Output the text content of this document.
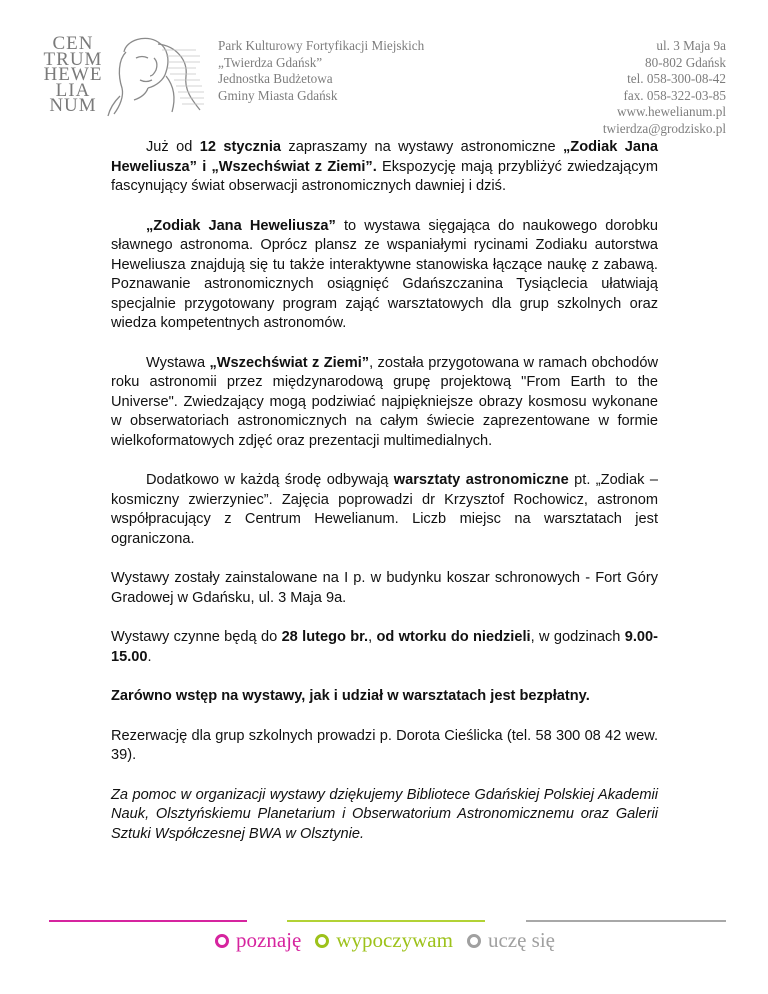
CEN
TRUM
HEWE
LIA
NUM
Park Kulturowy Fortyfikacji Miejskich
„Twierdza Gdańsk”
Jednostka Budżetowa
Gminy Miasta Gdańsk
ul. 3 Maja 9a
80-802 Gdańsk
tel. 058-300-08-42
fax. 058-322-03-85
www.hewelianum.pl
twierdza@grodzisko.pl

Już od 12 stycznia zapraszamy na wystawy astronomiczne „Zodiak Jana Heweliusza” i „Wszechświat z Ziemi”. Ekspozycję mają przybliżyć zwiedzającym fascynujący świat obserwacji astronomicznych dawniej i dziś.

„Zodiak Jana Heweliusza” to wystawa sięgająca do naukowego dorobku sławnego astronoma. Oprócz plansz ze wspaniałymi rycinami Zodiaku autorstwa Heweliusza znajdują się tu także interaktywne stanowiska łączące naukę z zabawą. Poznawanie astronomicznych osiągnięć Gdańszczanina Tysiąclecia ułatwiają specjalnie przygotowany program zająć warsztatowych dla grup szkolnych oraz wiedza kompetentnych astronomów.

Wystawa „Wszechświat z Ziemi”, została przygotowana w ramach obchodów roku astronomii przez międzynarodową grupę projektową "From Earth to the Universe". Zwiedzający mogą podziwiać najpiękniejsze obrazy kosmosu wykonane w obserwatoriach astronomicznych na całym świecie zaprezentowane w formie wielkoformatowych zdjęć oraz prezentacji multimedialnych.

Dodatkowo w każdą środę odbywają warsztaty astronomiczne pt. „Zodiak – kosmiczny zwierzyniec”. Zajęcia poprowadzi dr Krzysztof Rochowicz, astronom współpracujący z Centrum Hewelianum. Liczb miejsc na warsztatach jest ograniczona.

Wystawy zostały zainstalowane na I p. w budynku koszar schronowych - Fort Góry Gradowej w Gdańsku, ul. 3 Maja 9a.

Wystawy czynne będą do 28 lutego br., od wtorku do niedzieli, w godzinach 9.00-15.00.

Zarówno wstęp na wystawy, jak i udział w warsztatach jest bezpłatny.

Rezerwację dla grup szkolnych prowadzi p. Dorota Cieślicka (tel. 58 300 08 42 wew. 39).

Za pomoc w organizacji wystawy dziękujemy Bibliotece Gdańskiej Polskiej Akademii Nauk, Olsztyńskiemu Planetarium i Obserwatorium Astronomicznemu oraz Galerii Sztuki Współczesnej BWA w Olsztynie.

poznaję wypoczywam uczę się
